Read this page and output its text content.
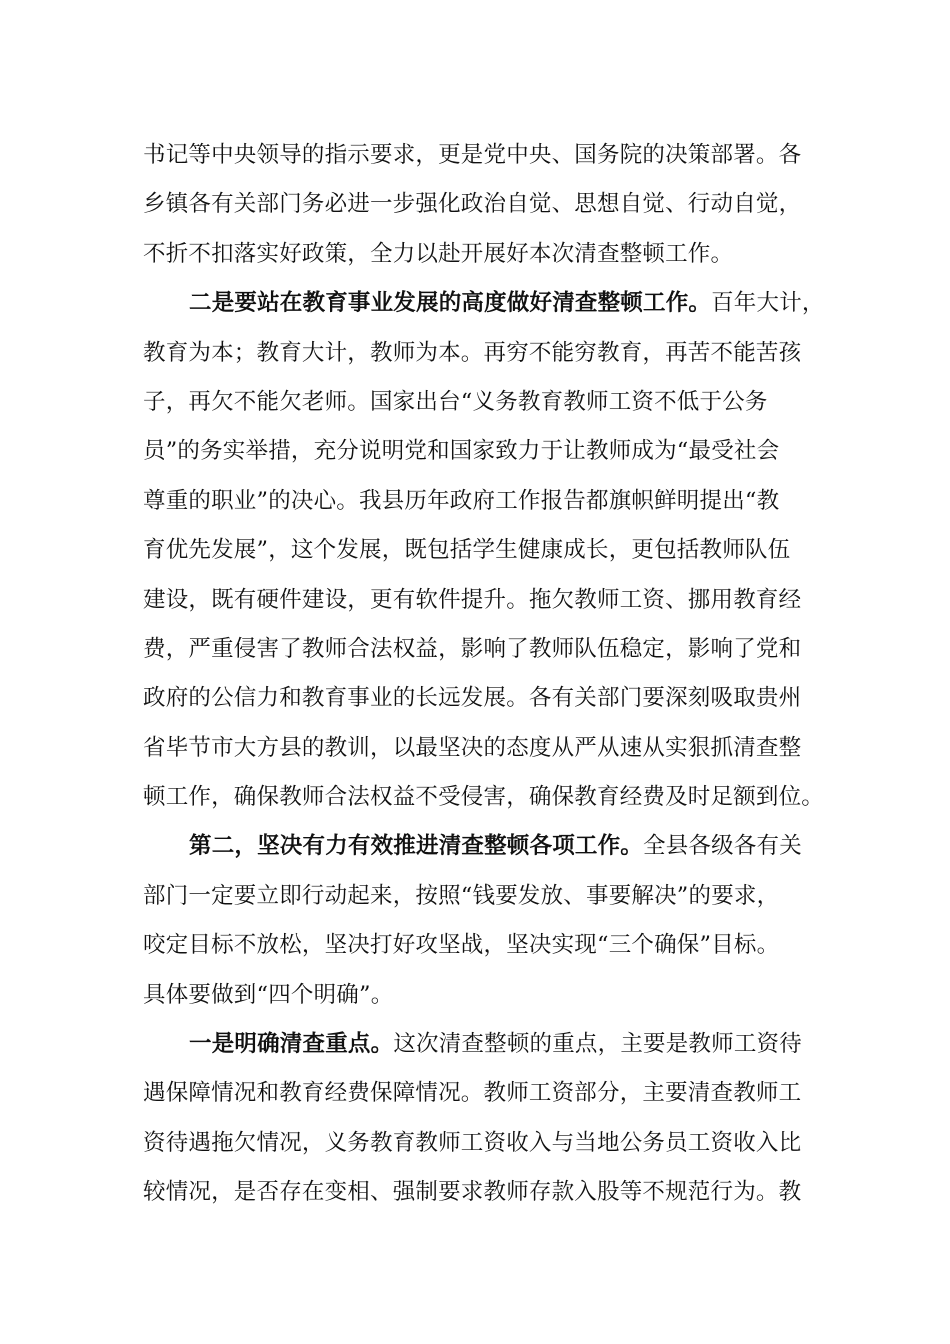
书记等中央领导的指示要求，更是党中央、国务院的决策部署。各
乡镇各有关部门务必进一步强化政治自觉、思想自觉、行动自觉，
不折不扣落实好政策，全力以赴开展好本次清查整顿工作。
二是要站在教育事业发展的高度做好清查整顿工作。百年大计，
教育为本；教育大计，教师为本。再穷不能穷教育，再苦不能苦孩
子，再欠不能欠老师。国家出台“义务教育教师工资不低于公务
员”的务实举措，充分说明党和国家致力于让教师成为“最受社会
尊重的职业”的决心。我县历年政府工作报告都旗帜鲜明提出“教
育优先发展”，这个发展，既包括学生健康成长，更包括教师队伍
建设，既有硬件建设，更有软件提升。拖欠教师工资、挪用教育经
费，严重侵害了教师合法权益，影响了教师队伍稳定，影响了党和
政府的公信力和教育事业的长远发展。各有关部门要深刻吸取贵州
省毕节市大方县的教训，以最坚决的态度从严从速从实狠抓清查整
顿工作，确保教师合法权益不受侵害，确保教育经费及时足额到位。
第二，坚决有力有效推进清查整顿各项工作。全县各级各有关
部门一定要立即行动起来，按照“钱要发放、事要解决”的要求，
咬定目标不放松，坚决打好攻坚战，坚决实现“三个确保”目标。
具体要做到“四个明确”。
一是明确清查重点。这次清查整顿的重点，主要是教师工资待
遇保障情况和教育经费保障情况。教师工资部分，主要清查教师工
资待遇拖欠情况，义务教育教师工资收入与当地公务员工资收入比
较情况，是否存在变相、强制要求教师存款入股等不规范行为。教
